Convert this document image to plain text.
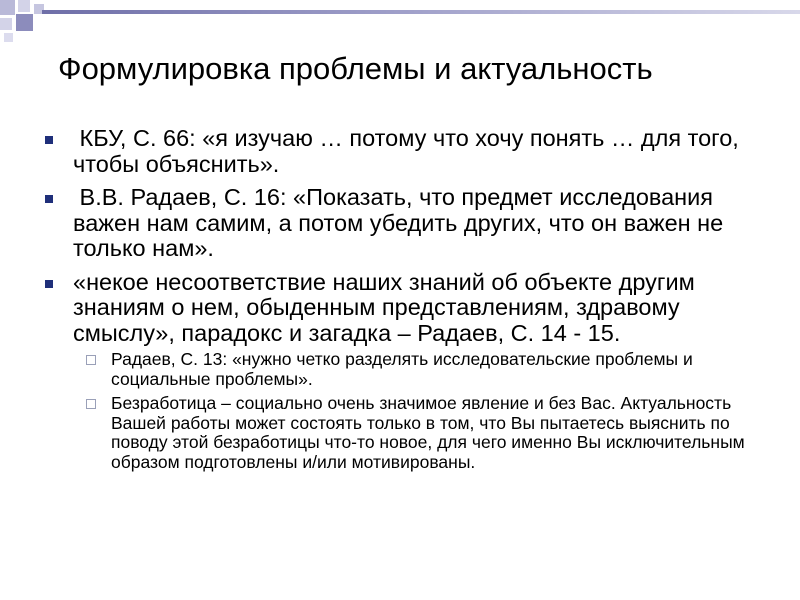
Формулировка проблемы и актуальность
КБУ, С. 66: «я изучаю … потому что хочу понять … для того, чтобы объяснить».
В.В. Радаев, С. 16: «Показать, что предмет исследования важен нам самим, а потом убедить других, что он важен не только нам».
«некое несоответствие наших знаний об объекте другим знаниям о нем, обыденным представлениям, здравому смыслу», парадокс и загадка – Радаев, С. 14 - 15.
Радаев, С. 13: «нужно четко разделять исследовательские проблемы и социальные проблемы».
Безработица – социально очень значимое явление и без Вас. Актуальность Вашей работы может состоять только в том, что Вы пытаетесь выяснить по поводу этой безработицы что-то новое, для чего именно Вы исключительным образом подготовлены и/или мотивированы.
